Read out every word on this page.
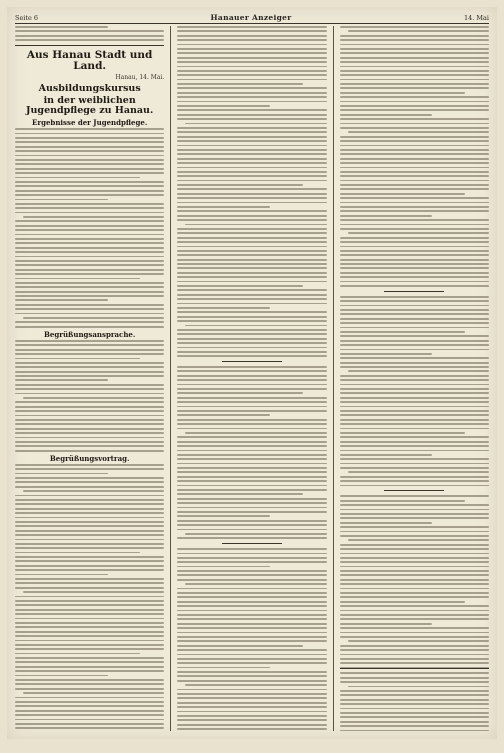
Seite 6	Hanauer Anzeiger	14. Mai
Aus Hanau Stadt und Land.
Hanau, 14. Mai.
Ausbildungskursus
in der weiblichen Jugendpflege zu Hanau.
Ergebnisse der Jugendpflege.
Begrüßungsansprache.
Begrüßungsvortrag.
